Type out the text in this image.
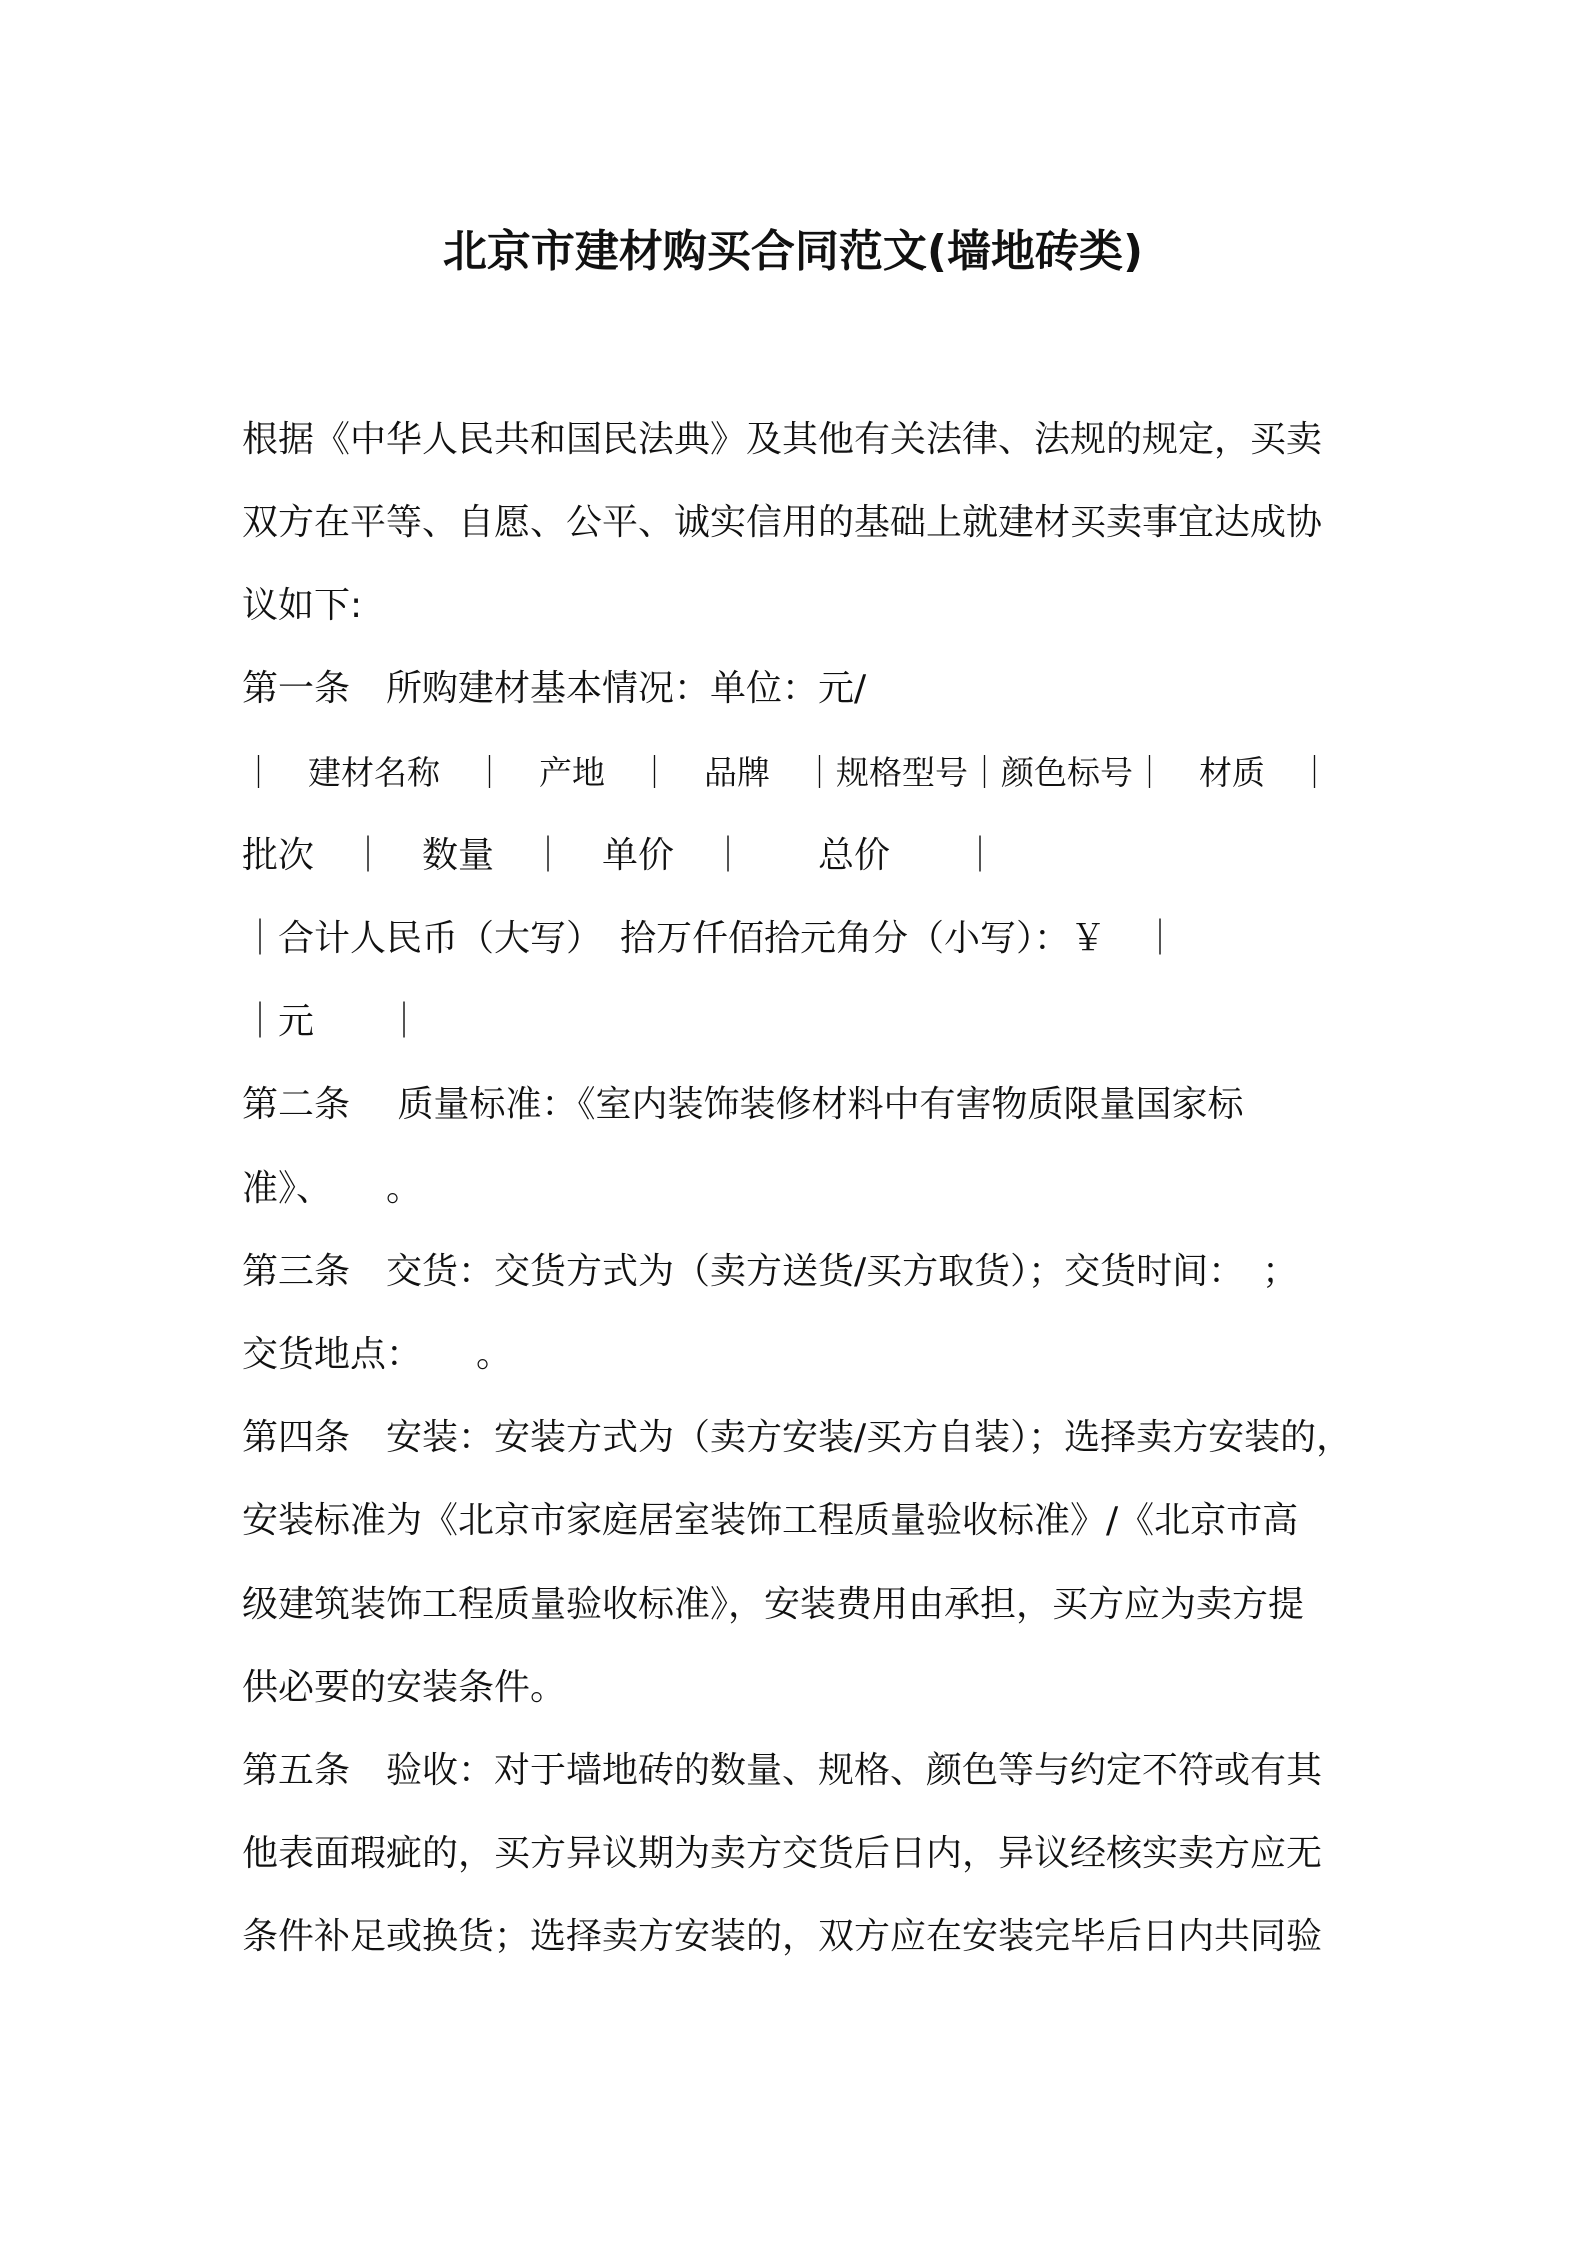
北京市建材购买合同范文(墙地砖类)
根据《中华人民共和国民法典》及其他有关法律、法规的规定，买卖
双方在平等、自愿、公平、诚实信用的基础上就建材买卖事宜达成协
议如下:
第一条　所购建材基本情况：单位：元/
｜　建材名称　｜　产地　｜　品牌　｜规格型号｜颜色标号｜　材质　｜
批次　｜　数量　｜　单价　｜　　总价　　｜
｜合计人民币（大写）　拾万仟佰拾元角分（小写）：￥　｜
｜元　　｜
第二条　 质量标准：《室内装饰装修材料中有害物质限量国家标
准》、　　。
第三条　交货：交货方式为（卖方送货/买方取货）；交货时间：　；
交货地点：　　。
第四条　安装：安装方式为（卖方安装/买方自装）；选择卖方安装的，
安装标准为《北京市家庭居室装饰工程质量验收标准》/《北京市高
级建筑装饰工程质量验收标准》，安装费用由承担，买方应为卖方提
供必要的安装条件。
第五条　验收：对于墙地砖的数量、规格、颜色等与约定不符或有其
他表面瑕疵的，买方异议期为卖方交货后日内，异议经核实卖方应无
条件补足或换货；选择卖方安装的，双方应在安装完毕后日内共同验
